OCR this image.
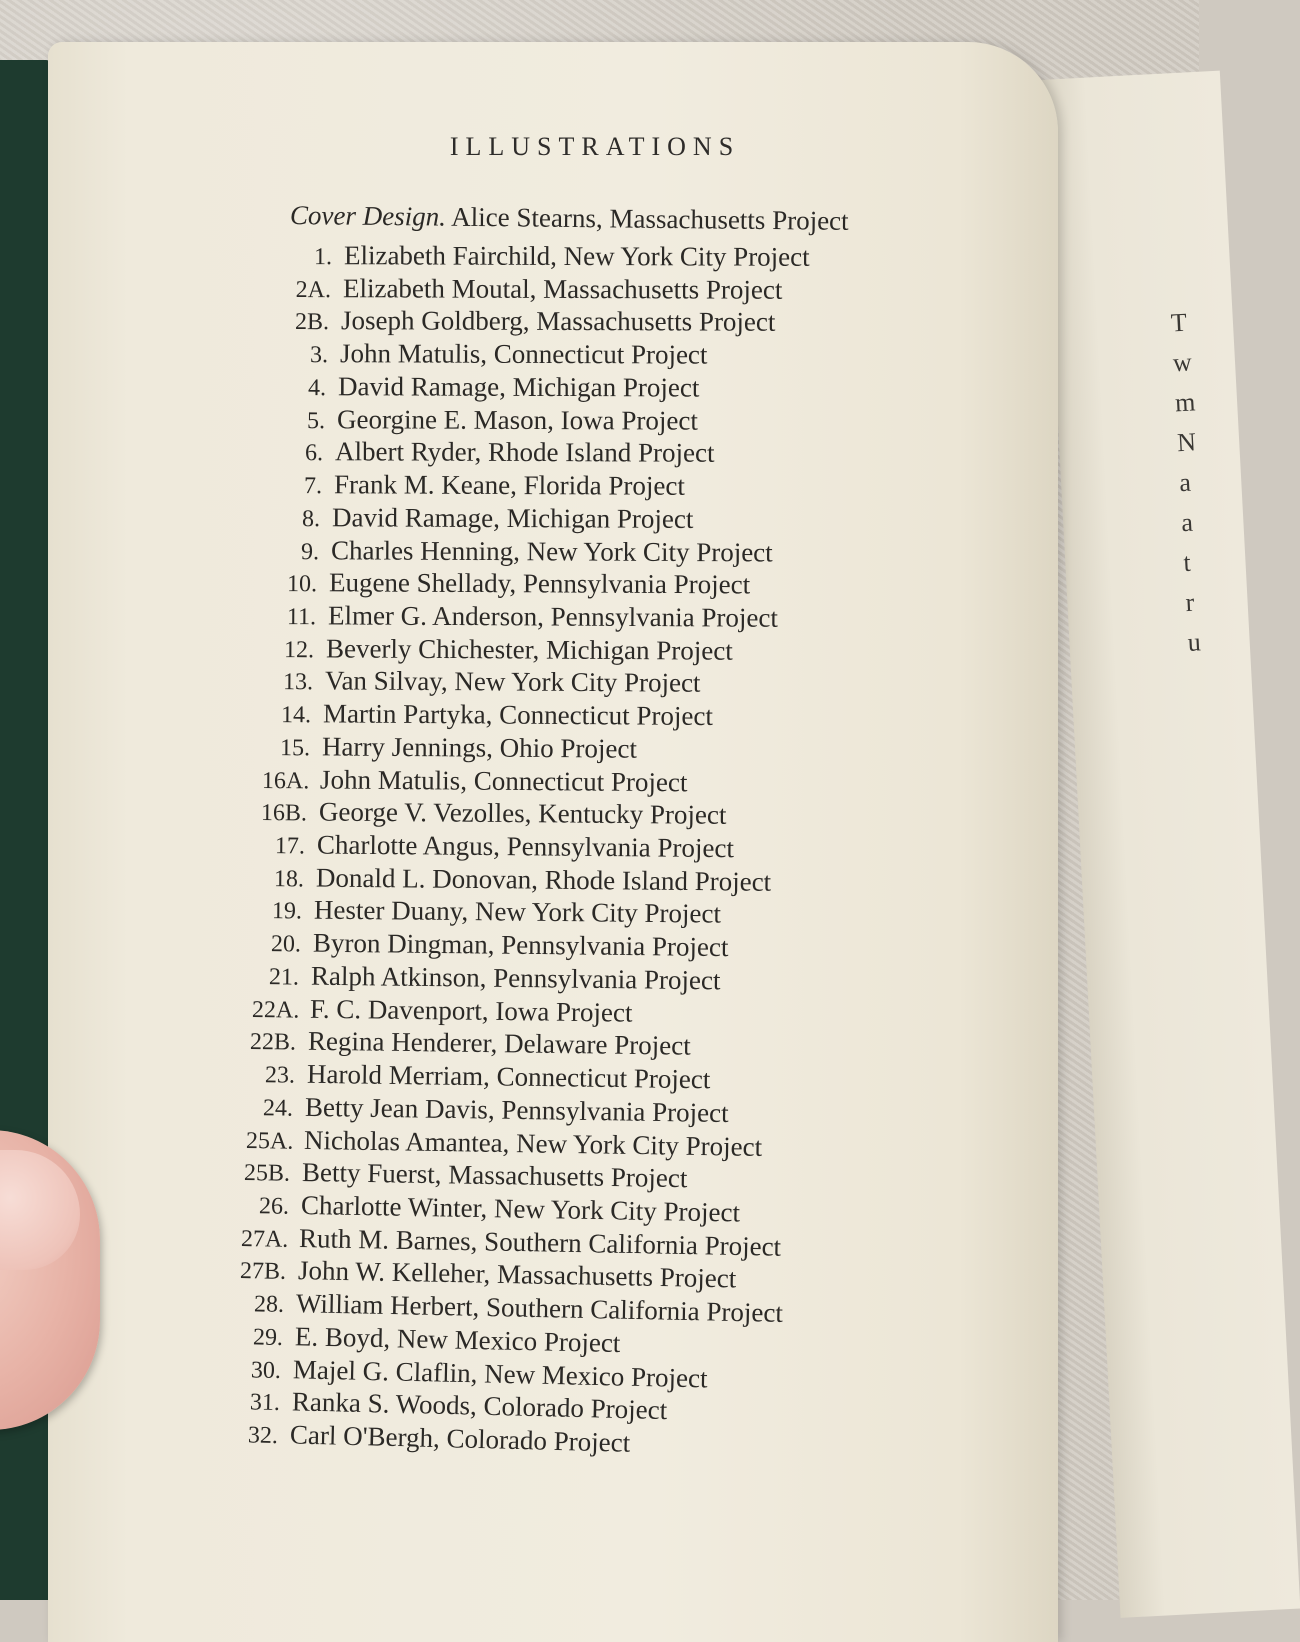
T
w
m
N
a
a
t
r
u
ILLUSTRATIONS
Cover Design. Alice Stearns, Massachusetts Project
1. Elizabeth Fairchild, New York City Project
2A. Elizabeth Moutal, Massachusetts Project
2B. Joseph Goldberg, Massachusetts Project
3. John Matulis, Connecticut Project
4. David Ramage, Michigan Project
5. Georgine E. Mason, Iowa Project
6. Albert Ryder, Rhode Island Project
7. Frank M. Keane, Florida Project
8. David Ramage, Michigan Project
9. Charles Henning, New York City Project
10. Eugene Shellady, Pennsylvania Project
11. Elmer G. Anderson, Pennsylvania Project
12. Beverly Chichester, Michigan Project
13. Van Silvay, New York City Project
14. Martin Partyka, Connecticut Project
15. Harry Jennings, Ohio Project
16A. John Matulis, Connecticut Project
16B. George V. Vezolles, Kentucky Project
17. Charlotte Angus, Pennsylvania Project
18. Donald L. Donovan, Rhode Island Project
19. Hester Duany, New York City Project
20. Byron Dingman, Pennsylvania Project
21. Ralph Atkinson, Pennsylvania Project
22A. F. C. Davenport, Iowa Project
22B. Regina Henderer, Delaware Project
23. Harold Merriam, Connecticut Project
24. Betty Jean Davis, Pennsylvania Project
25A. Nicholas Amantea, New York City Project
25B. Betty Fuerst, Massachusetts Project
26. Charlotte Winter, New York City Project
27A. Ruth M. Barnes, Southern California Project
27B. John W. Kelleher, Massachusetts Project
28. William Herbert, Southern California Project
29. E. Boyd, New Mexico Project
30. Majel G. Claflin, New Mexico Project
31. Ranka S. Woods, Colorado Project
32. Carl O'Bergh, Colorado Project
